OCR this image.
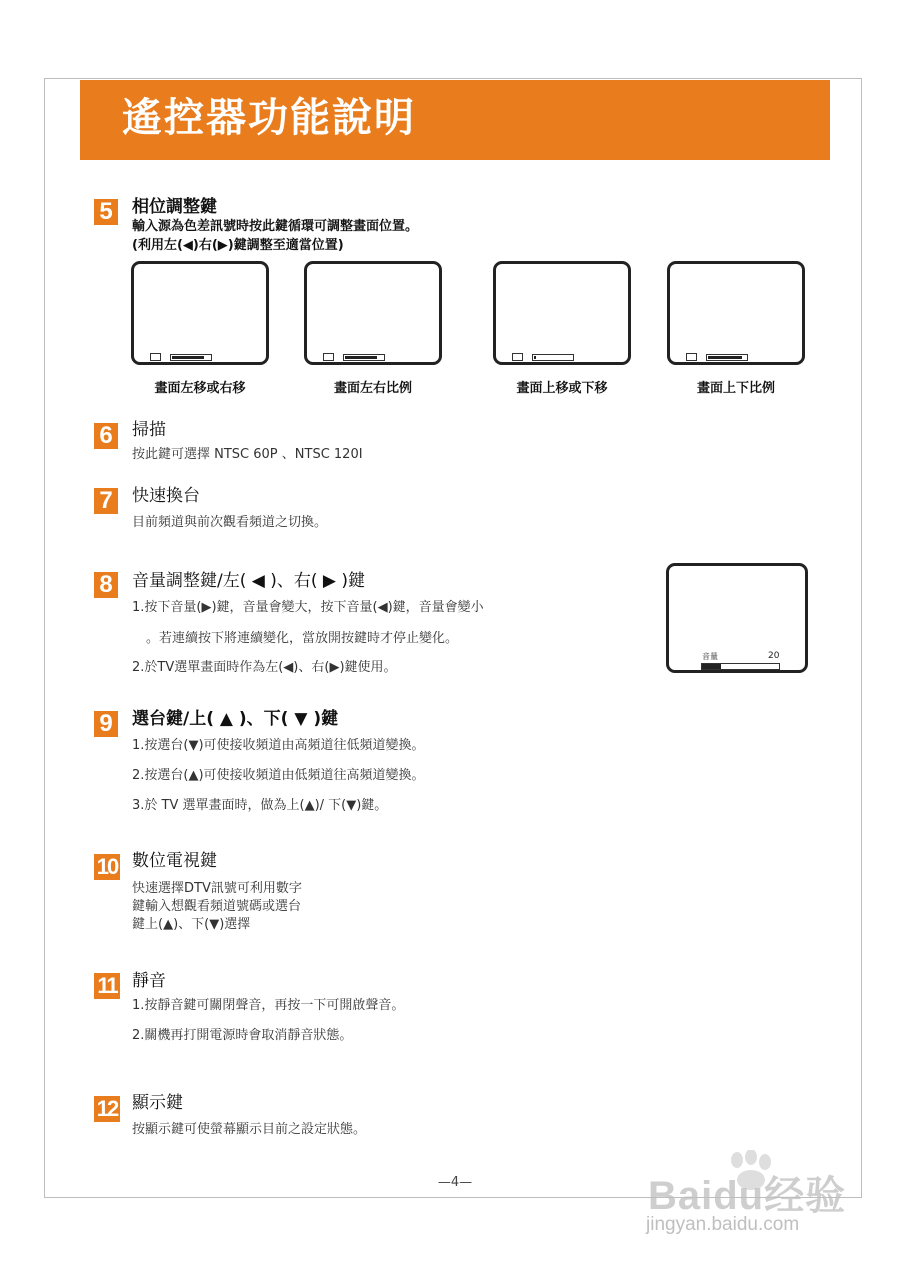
遙控器功能說明
5	相位調整鍵
輸入源為色差訊號時按此鍵循環可調整畫面位置。
(利用左(◀)右(▶)鍵調整至適當位置)
畫面左移或右移	畫面左右比例	畫面上移或下移	畫面上下比例
6	掃描
按此鍵可選擇 NTSC 60P 、NTSC 120I
7	快速換台
目前頻道與前次觀看頻道之切換。
8	音量調整鍵/左( ◀ )、右( ▶ )鍵
1.按下音量(▶)鍵，音量會變大，按下音量(◀)鍵，音量會變小
。若連續按下將連續變化，當放開按鍵時才停止變化。
2.於TV選單畫面時作為左(◀)、右(▶)鍵使用。
音量	20
9	選台鍵/上( ▲ )、下( ▼ )鍵
1.按選台(▼)可使接收頻道由高頻道往低頻道變換。
2.按選台(▲)可使接收頻道由低頻道往高頻道變換。
3.於 TV 選單畫面時，做為上(▲)/ 下(▼)鍵。
10 數位電視鍵
快速選擇DTV訊號可利用數字
鍵輸入想觀看頻道號碼或選台
鍵上(▲)、下(▼)選擇
11 靜音
1.按靜音鍵可關閉聲音，再按一下可開啟聲音。
2.關機再打開電源時會取消靜音狀態。
12 顯示鍵
按顯示鍵可使螢幕顯示目前之設定狀態。
—4—	Baidu经验
jingyan.baidu.com
